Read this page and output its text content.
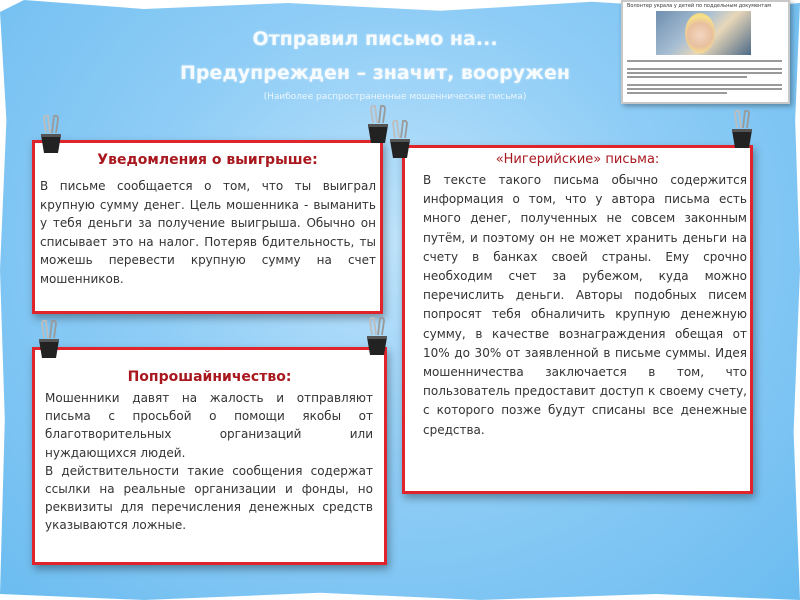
Отправил письмо на...
Предупрежден – значит, вооружен
(Наиболее распространенные мошеннические письма)
Волонтер украла у детей по поддельным документам
Уведомления о выигрыше:

В письме сообщается о том, что ты выиграл крупную сумму денег. Цель мошенника - выманить у тебя деньги за получение выигрыша. Обычно он списывает это на налог. Потеряв бдительность, ты можешь перевести крупную сумму на счет мошенников.

Попрошайничество:

Мошенники давят на жалость и отправляют письма с просьбой о помощи якобы от благотворительных организаций или нуждающихся людей.

В действительности такие сообщения содержат ссылки на реальные организации и фонды, но реквизиты для перечисления денежных средств указываются ложные.

«Нигерийские» письма:

В тексте такого письма обычно содержится информация о том, что у автора письма есть много денег, полученных не совсем законным путём, и поэтому он не может хранить деньги на счету в банках своей страны. Ему срочно необходим счет за рубежом, куда можно перечислить деньги. Авторы подобных писем попросят тебя обналичить крупную денежную сумму, в качестве вознаграждения обещая от 10% до 30% от заявленной в письме суммы. Идея мошенничества заключается в том, что пользователь предоставит доступ к своему счету, с которого позже будут списаны все денежные средства.
